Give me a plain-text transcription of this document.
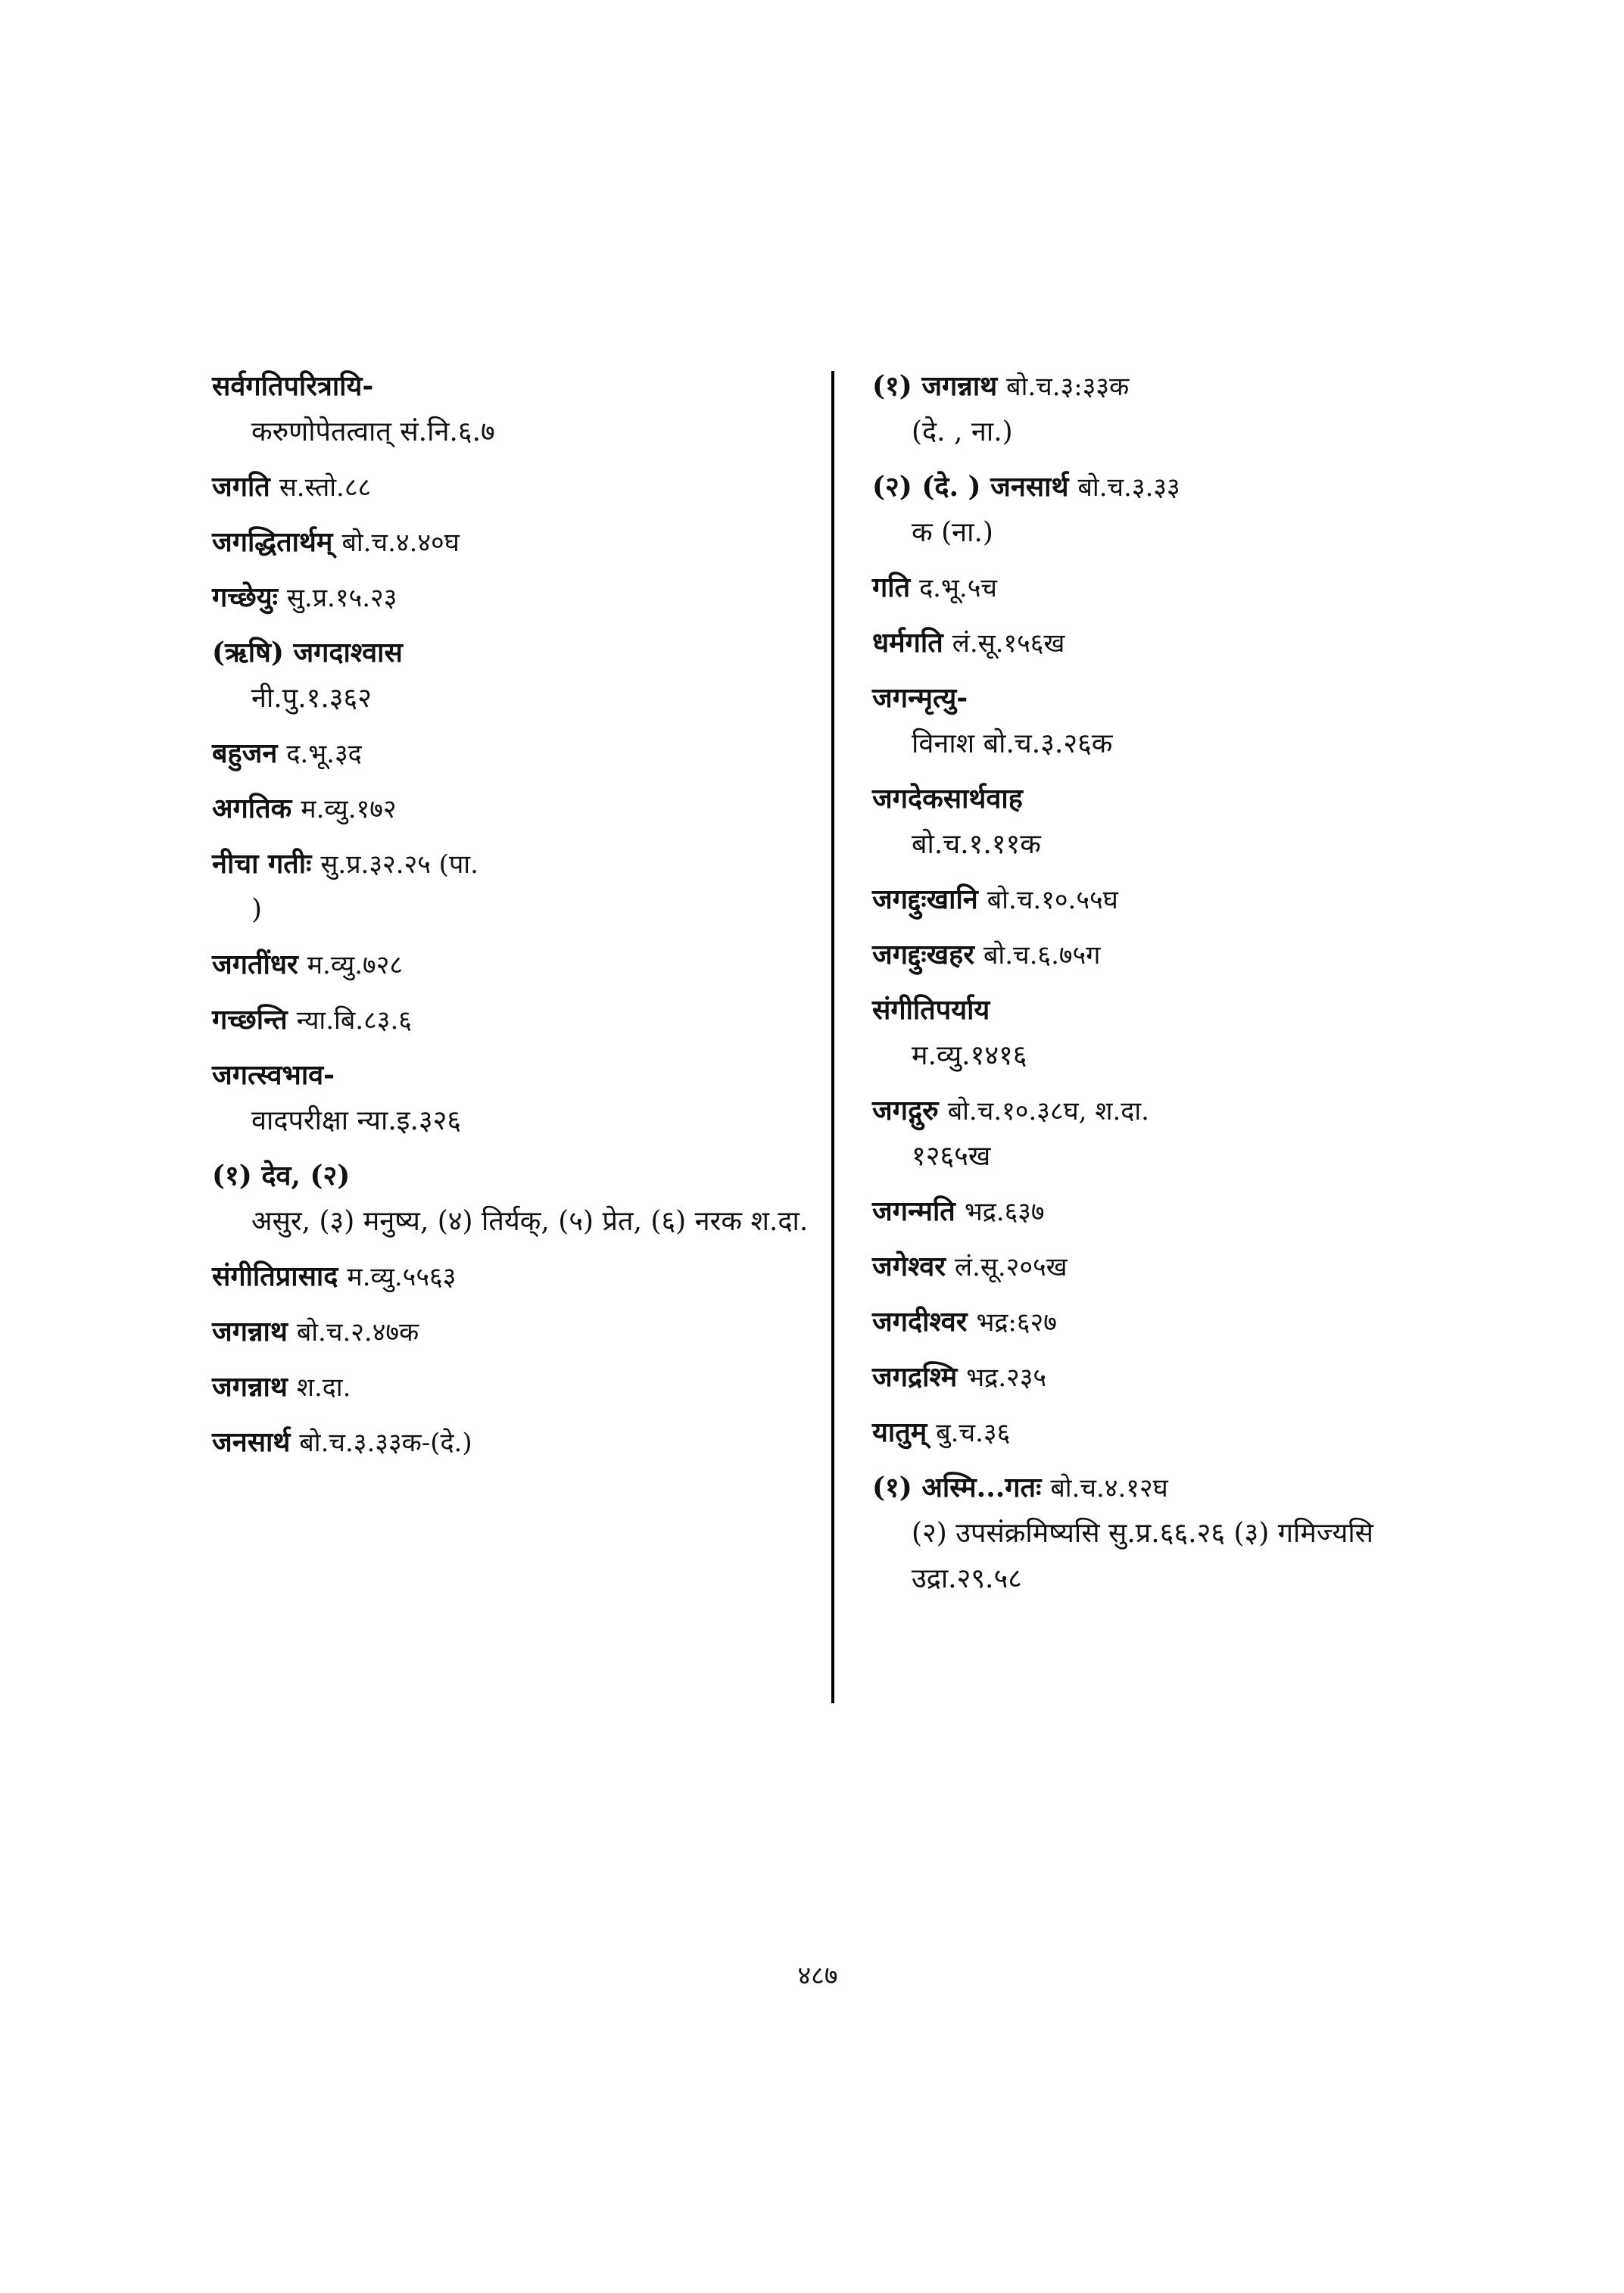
सर्वगतिपरित्रायि-
करुणोपेतत्वात् सं.नि.६.७
जगति स.स्तो.८८
जगद्धितार्थम् बो.च.४.४०घ
गच्छेयुः सु.प्र.१५.२३
(ऋषि) जगदाश्वास
नी.पु.१.३६२
बहुजन द.भू.३द
अगतिक म.व्यु.१७२
नीचा गतीः सु.प्र.३२.२५ (पा.
)
जगतींधर म.व्यु.७२८
गच्छन्ति न्या.बि.८३.६
जगत्स्वभाव-
वादपरीक्षा न्या.इ.३२६
(१) देव, (२)
असुर, (३) मनुष्य, (४) तिर्यक्, (५) प्रेत, (६) नरक श.दा.
संगीतिप्रासाद म.व्यु.५५६३
जगन्नाथ बो.च.२.४७क
जगन्नाथ श.दा.
जनसार्थ बो.च.३.३३क-(दे.)
(१) जगन्नाथ बो.च.३:३३क
(दे. , ना.)
(२) (दे. ) जनसार्थ बो.च.३.३३
क (ना.)
गति द.भू.५च
धर्मगति लं.सू.१५६ख
जगन्मृत्यु-
विनाश बो.च.३.२६क
जगदेकसार्थवाह
बो.च.१.११क
जगद्दुःखानि बो.च.१०.५५घ
जगद्दुःखहर बो.च.६.७५ग
संगीतिपर्याय
म.व्यु.१४१६
जगद्गुरु बो.च.१०.३८घ, श.दा.
१२६५ख
जगन्मति भद्र.६३७
जगेश्वर लं.सू.२०५ख
जगदीश्वर भद्र:६२७
जगद्रश्मि भद्र.२३५
यातुम् बु.च.३६
(१) अस्मि...गतः बो.च.४.१२घ
(२) उपसंक्रमिष्यसि सु.प्र.६६.२६ (३) गमिज्यसि उद्रा.२९.५८
४८७
